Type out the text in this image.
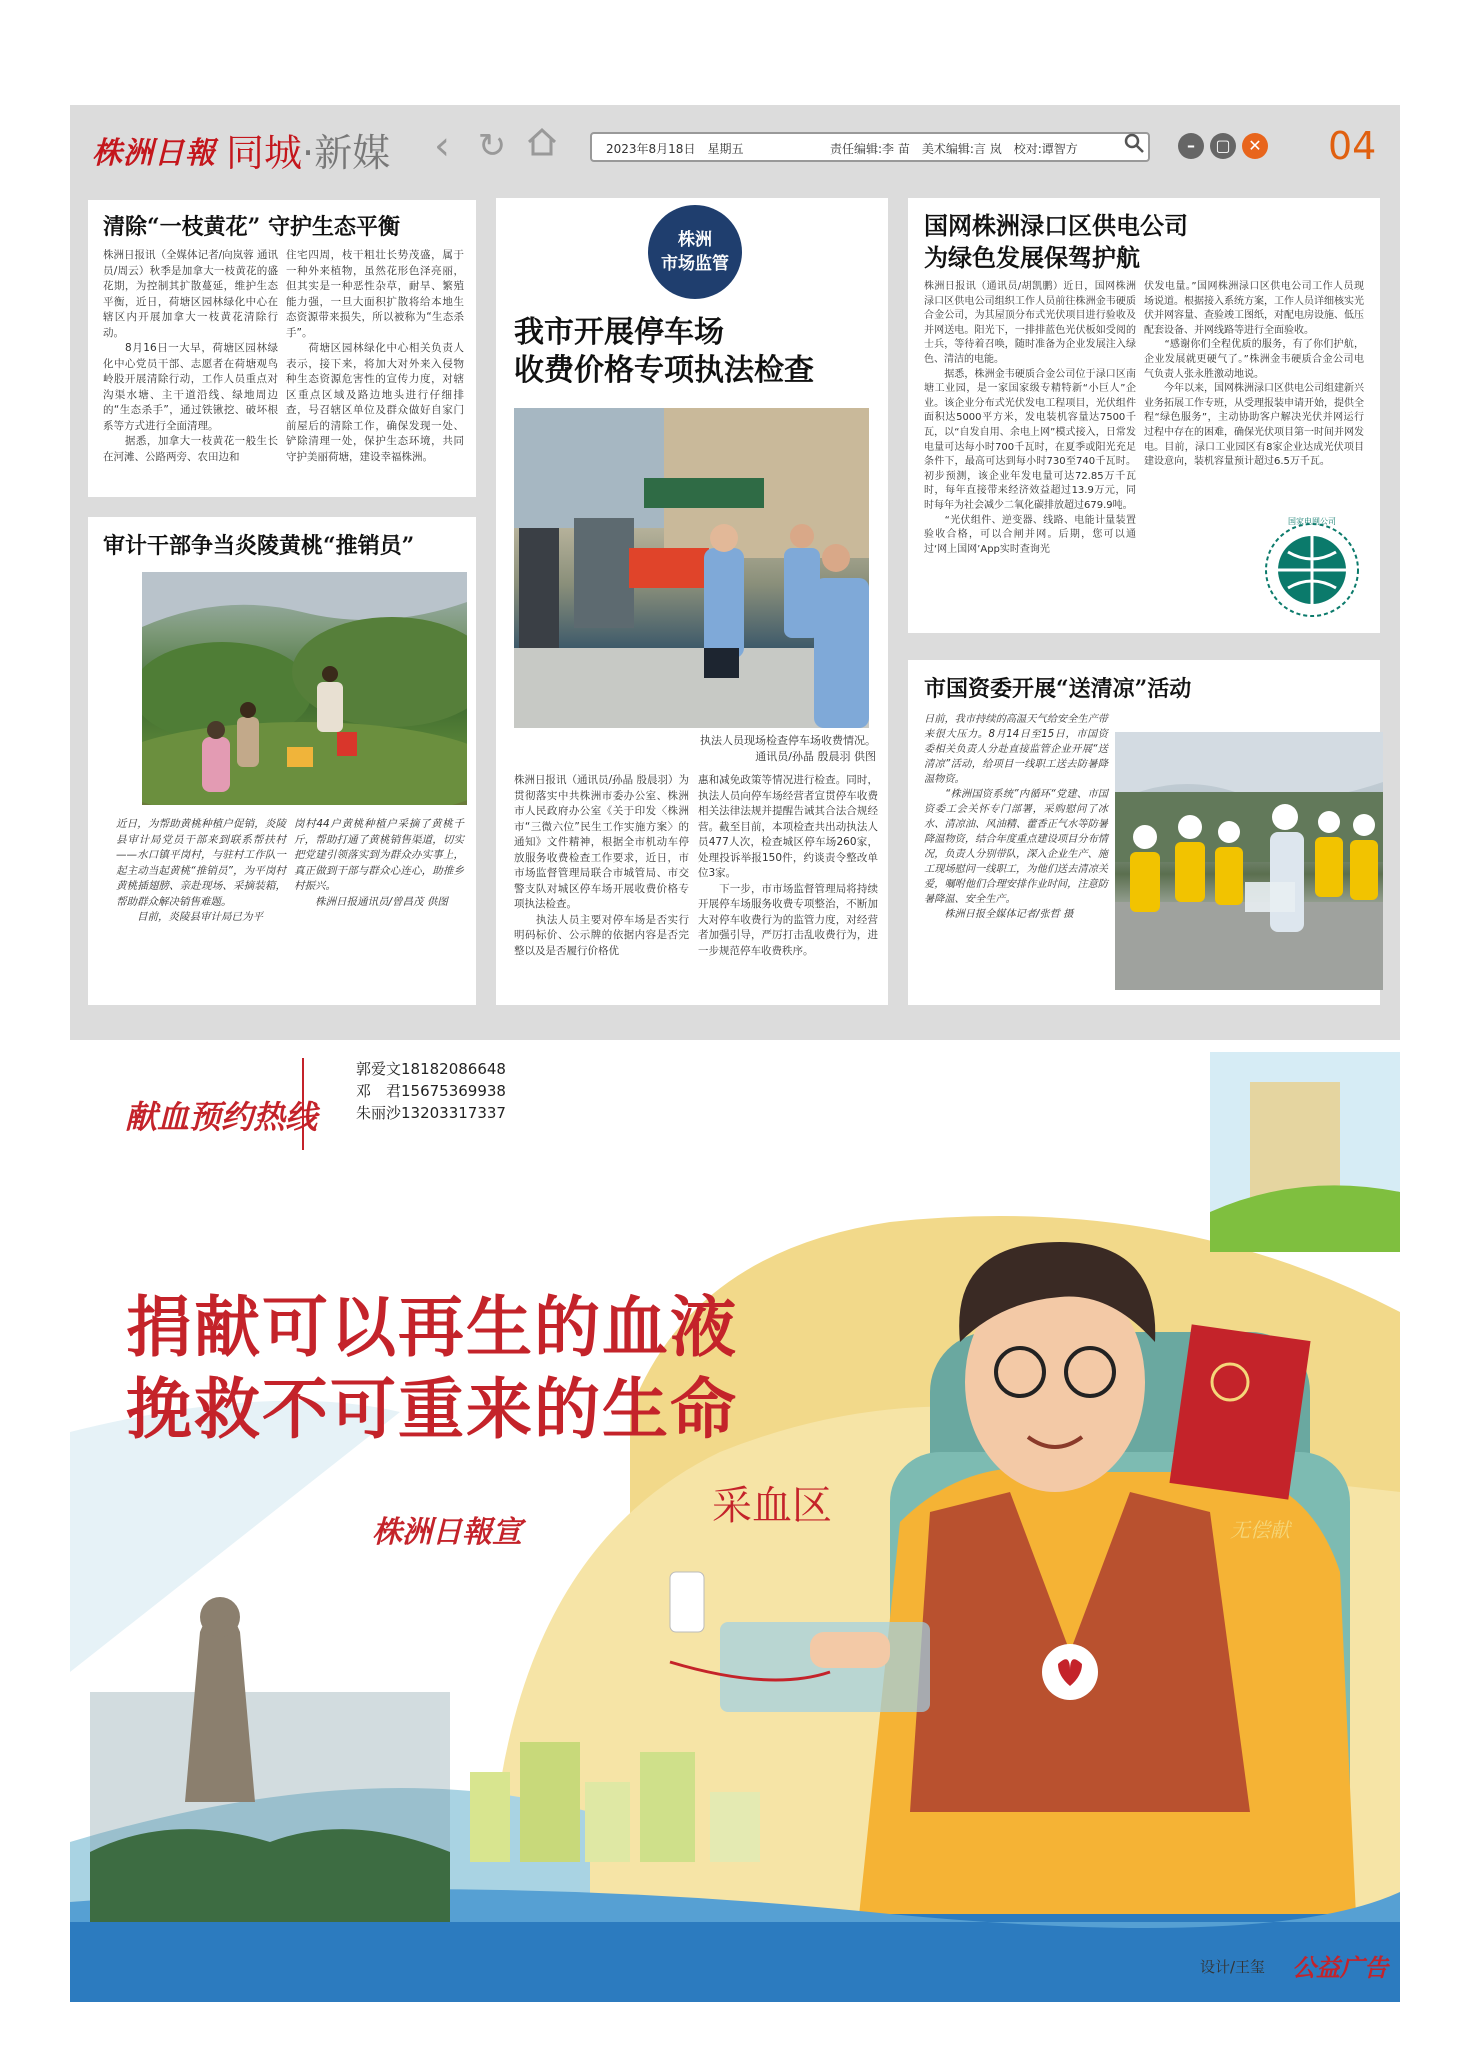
株洲日報 同城·新媒	‹ ↻	2023年8月18日　星期五	责任编辑:李 苗　美术编辑:言 岚　校对:谭智方	–	▢	✕ 04
清除“一枝黄花” 守护生态平衡
株洲日报讯（全媒体记者/向岚蓉 通讯员/周云）秋季是加拿大一枝黄花的盛花期，为控制其扩散蔓延，维护生态平衡，近日，荷塘区园林绿化中心在辖区内开展加拿大一枝黄花清除行动。
　　8月16日一大早，荷塘区园林绿化中心党员干部、志愿者在荷塘观鸟岭股开展清除行动，工作人员重点对沟渠水塘、主干道沿线、绿地周边的“生态杀手”，通过铁锹挖、破坏根系等方式进行全面清理。
　　据悉，加拿大一枝黄花一般生长在河滩、公路两旁、农田边和
住宅四周，枝干粗壮长势茂盛，属于一种外来植物，虽然花形色泽亮丽，但其实是一种恶性杂草，耐旱、繁殖能力强，一旦大面积扩散将给本地生态资源带来损失，所以被称为“生态杀手”。
　　荷塘区园林绿化中心相关负责人表示，接下来，将加大对外来入侵物种生态资源危害性的宣传力度，对辖区重点区域及路边地头进行仔细排查，号召辖区单位及群众做好自家门前屋后的清除工作，确保发现一处、铲除清理一处，保护生态环境，共同守护美丽荷塘，建设幸福株洲。
审计干部争当炎陵黄桃“推销员”
近日，为帮助黄桃种植户促销，炎陵县审计局党员干部来到联系帮扶村——水口镇平岗村，与驻村工作队一起主动当起黄桃“推销员”，为平岗村黄桃插翅膀、亲赴现场、采摘装箱，帮助群众解决销售难题。
　　目前，炎陵县审计局已为平
岗村44户黄桃种植户采摘了黄桃千斤，帮助打通了黄桃销售渠道，切实把党建引领落实到为群众办实事上，真正做到干部与群众心连心，助推乡村振兴。
　　株洲日报通讯员/曾昌茂 供图
我市开展停车场
收费价格专项执法检查
执法人员现场检查停车场收费情况。
通讯员/孙晶 殷晨羽 供图
株洲日报讯（通讯员/孙晶 殷晨羽）为贯彻落实中共株洲市委办公室、株洲市人民政府办公室《关于印发〈株洲市“三微六位”民生工作实施方案〉的通知》文件精神，根据全市机动车停放服务收费检查工作要求，近日，市市场监督管理局联合市城管局、市交警支队对城区停车场开展收费价格专项执法检查。
　　执法人员主要对停车场是否实行明码标价、公示牌的依据内容是否完整以及是否履行价格优
惠和减免政策等情况进行检查。同时，执法人员向停车场经营者宣贯停车收费相关法律法规并提醒告诫其合法合规经营。截至目前，本项检查共出动执法人员477人次，检查城区停车场260家，处理投诉举报150件，约谈责令整改单位3家。
　　下一步，市市场监督管理局将持续开展停车场服务收费专项整治，不断加大对停车收费行为的监管力度，对经营者加强引导，严厉打击乱收费行为，进一步规范停车收费秩序。
株洲
市场监管
国网株洲渌口区供电公司
为绿色发展保驾护航
株洲日报讯（通讯员/胡凯鹏）近日，国网株洲渌口区供电公司组织工作人员前往株洲金韦硬质合金公司，为其屋顶分布式光伏项目进行验收及并网送电。阳光下，一排排蓝色光伏板如受阅的士兵，等待着召唤，随时准备为企业发展注入绿色、清洁的电能。
　　据悉，株洲金韦硬质合金公司位于渌口区南塘工业园，是一家国家级专精特新“小巨人”企业。该企业分布式光伏发电工程项目，光伏组件面积达5000平方米，发电装机容量达7500千瓦，以“自发自用、余电上网”模式接入，日常发电量可达每小时700千瓦时，在夏季或阳光充足条件下，最高可达到每小时730至740千瓦时。初步预测，该企业年发电量可达72.85万千瓦时，每年直接带来经济效益超过13.9万元，同时每年为社会减少二氧化碳排放超过679.9吨。
　　“光伏组件、逆变器、线路、电能计量装置验收合格，可以合闸并网。后期，您可以通过‘网上国网’App实时查询光
伏发电量。”国网株洲渌口区供电公司工作人员现场说道。根据接入系统方案，工作人员详细核实光伏并网容量、查验竣工图纸，对配电房设施、低压配套设备、并网线路等进行全面验收。
　　“感谢你们全程优质的服务，有了你们护航，企业发展就更硬气了。”株洲金韦硬质合金公司电气负责人张永胜激动地说。
　　今年以来，国网株洲渌口区供电公司组建新兴业务拓展工作专班，从受理报装申请开始，提供全程“绿色服务”，主动协助客户解决光伏并网运行过程中存在的困难，确保光伏项目第一时间并网发电。目前，渌口工业园区有8家企业达成光伏项目建设意向，装机容量预计超过6.5万千瓦。
国家电网公司
市国资委开展“送清凉”活动
日前，我市持续的高温天气给安全生产带来很大压力。8月14日至15日，市国资委相关负责人分赴直接监管企业开展“送清凉”活动，给项目一线职工送去防暑降温物资。
　　“株洲国资系统”内循环“党建、市国资委工会关怀专门部署，采购慰问了冰水、清凉油、风油精、藿香正气水等防暑降温物资，结合年度重点建设项目分布情况，负责人分别带队，深入企业生产、施工现场慰问一线职工，为他们送去清凉关爱，嘱咐他们合理安排作业时间，注意防暑降温、安全生产。
　　株洲日报全媒体记者/张哲 摄
献血预约热线
郭爱文18182086648
邓　君15675369938
朱丽沙13203317337
捐献可以再生的血液
挽救不可重来的生命
株洲日報宣
采血区
无偿献
设计/王玺 公益广告
